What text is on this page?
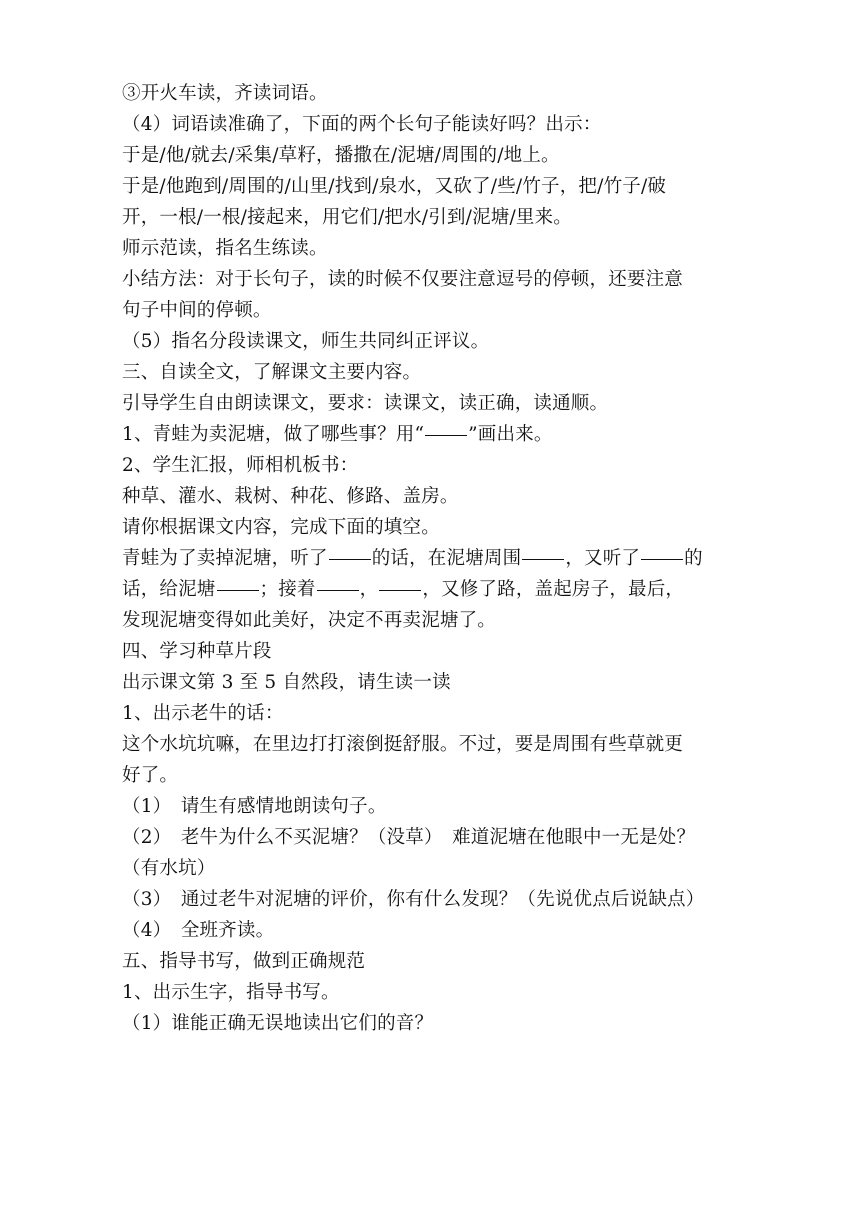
③开火车读，齐读词语。
（4）词语读准确了，下面的两个长句子能读好吗？出示：
于是/他/就去/采集/草籽，播撒在/泥塘/周围的/地上。
于是/他跑到/周围的/山里/找到/泉水，又砍了/些/竹子，把/竹子/破
开，一根/一根/接起来，用它们/把水/引到/泥塘/里来。
师示范读，指名生练读。
小结方法：对于长句子，读的时候不仅要注意逗号的停顿，还要注意
句子中间的停顿。
（5）指名分段读课文，师生共同纠正评议。
三、自读全文，了解课文主要内容。
引导学生自由朗读课文，要求：读课文，读正确，读通顺。
1、青蛙为卖泥塘，做了哪些事？用“ ”画出来。
2、学生汇报，师相机板书：
种草、灌水、栽树、种花、修路、盖房。
请你根据课文内容，完成下面的填空。
青蛙为了卖掉泥塘，听了 的话，在泥塘周围 ，又听了 的
话，给泥塘 ；接着 ， ，又修了路，盖起房子，最后，
发现泥塘变得如此美好，决定不再卖泥塘了。
四、学习种草片段
出示课文第 3 至 5 自然段，请生读一读
1、出示老牛的话：
这个水坑坑嘛，在里边打打滚倒挺舒服。不过，要是周围有些草就更
好了。
（1）　请生有感情地朗读句子。
（2）　老牛为什么不买泥塘？（没草）　难道泥塘在他眼中一无是处？
（有水坑）
（3）　通过老牛对泥塘的评价，你有什么发现？（先说优点后说缺点）
（4）　全班齐读。
五、指导书写，做到正确规范
1、出示生字，指导书写。
（1）谁能正确无误地读出它们的音？
